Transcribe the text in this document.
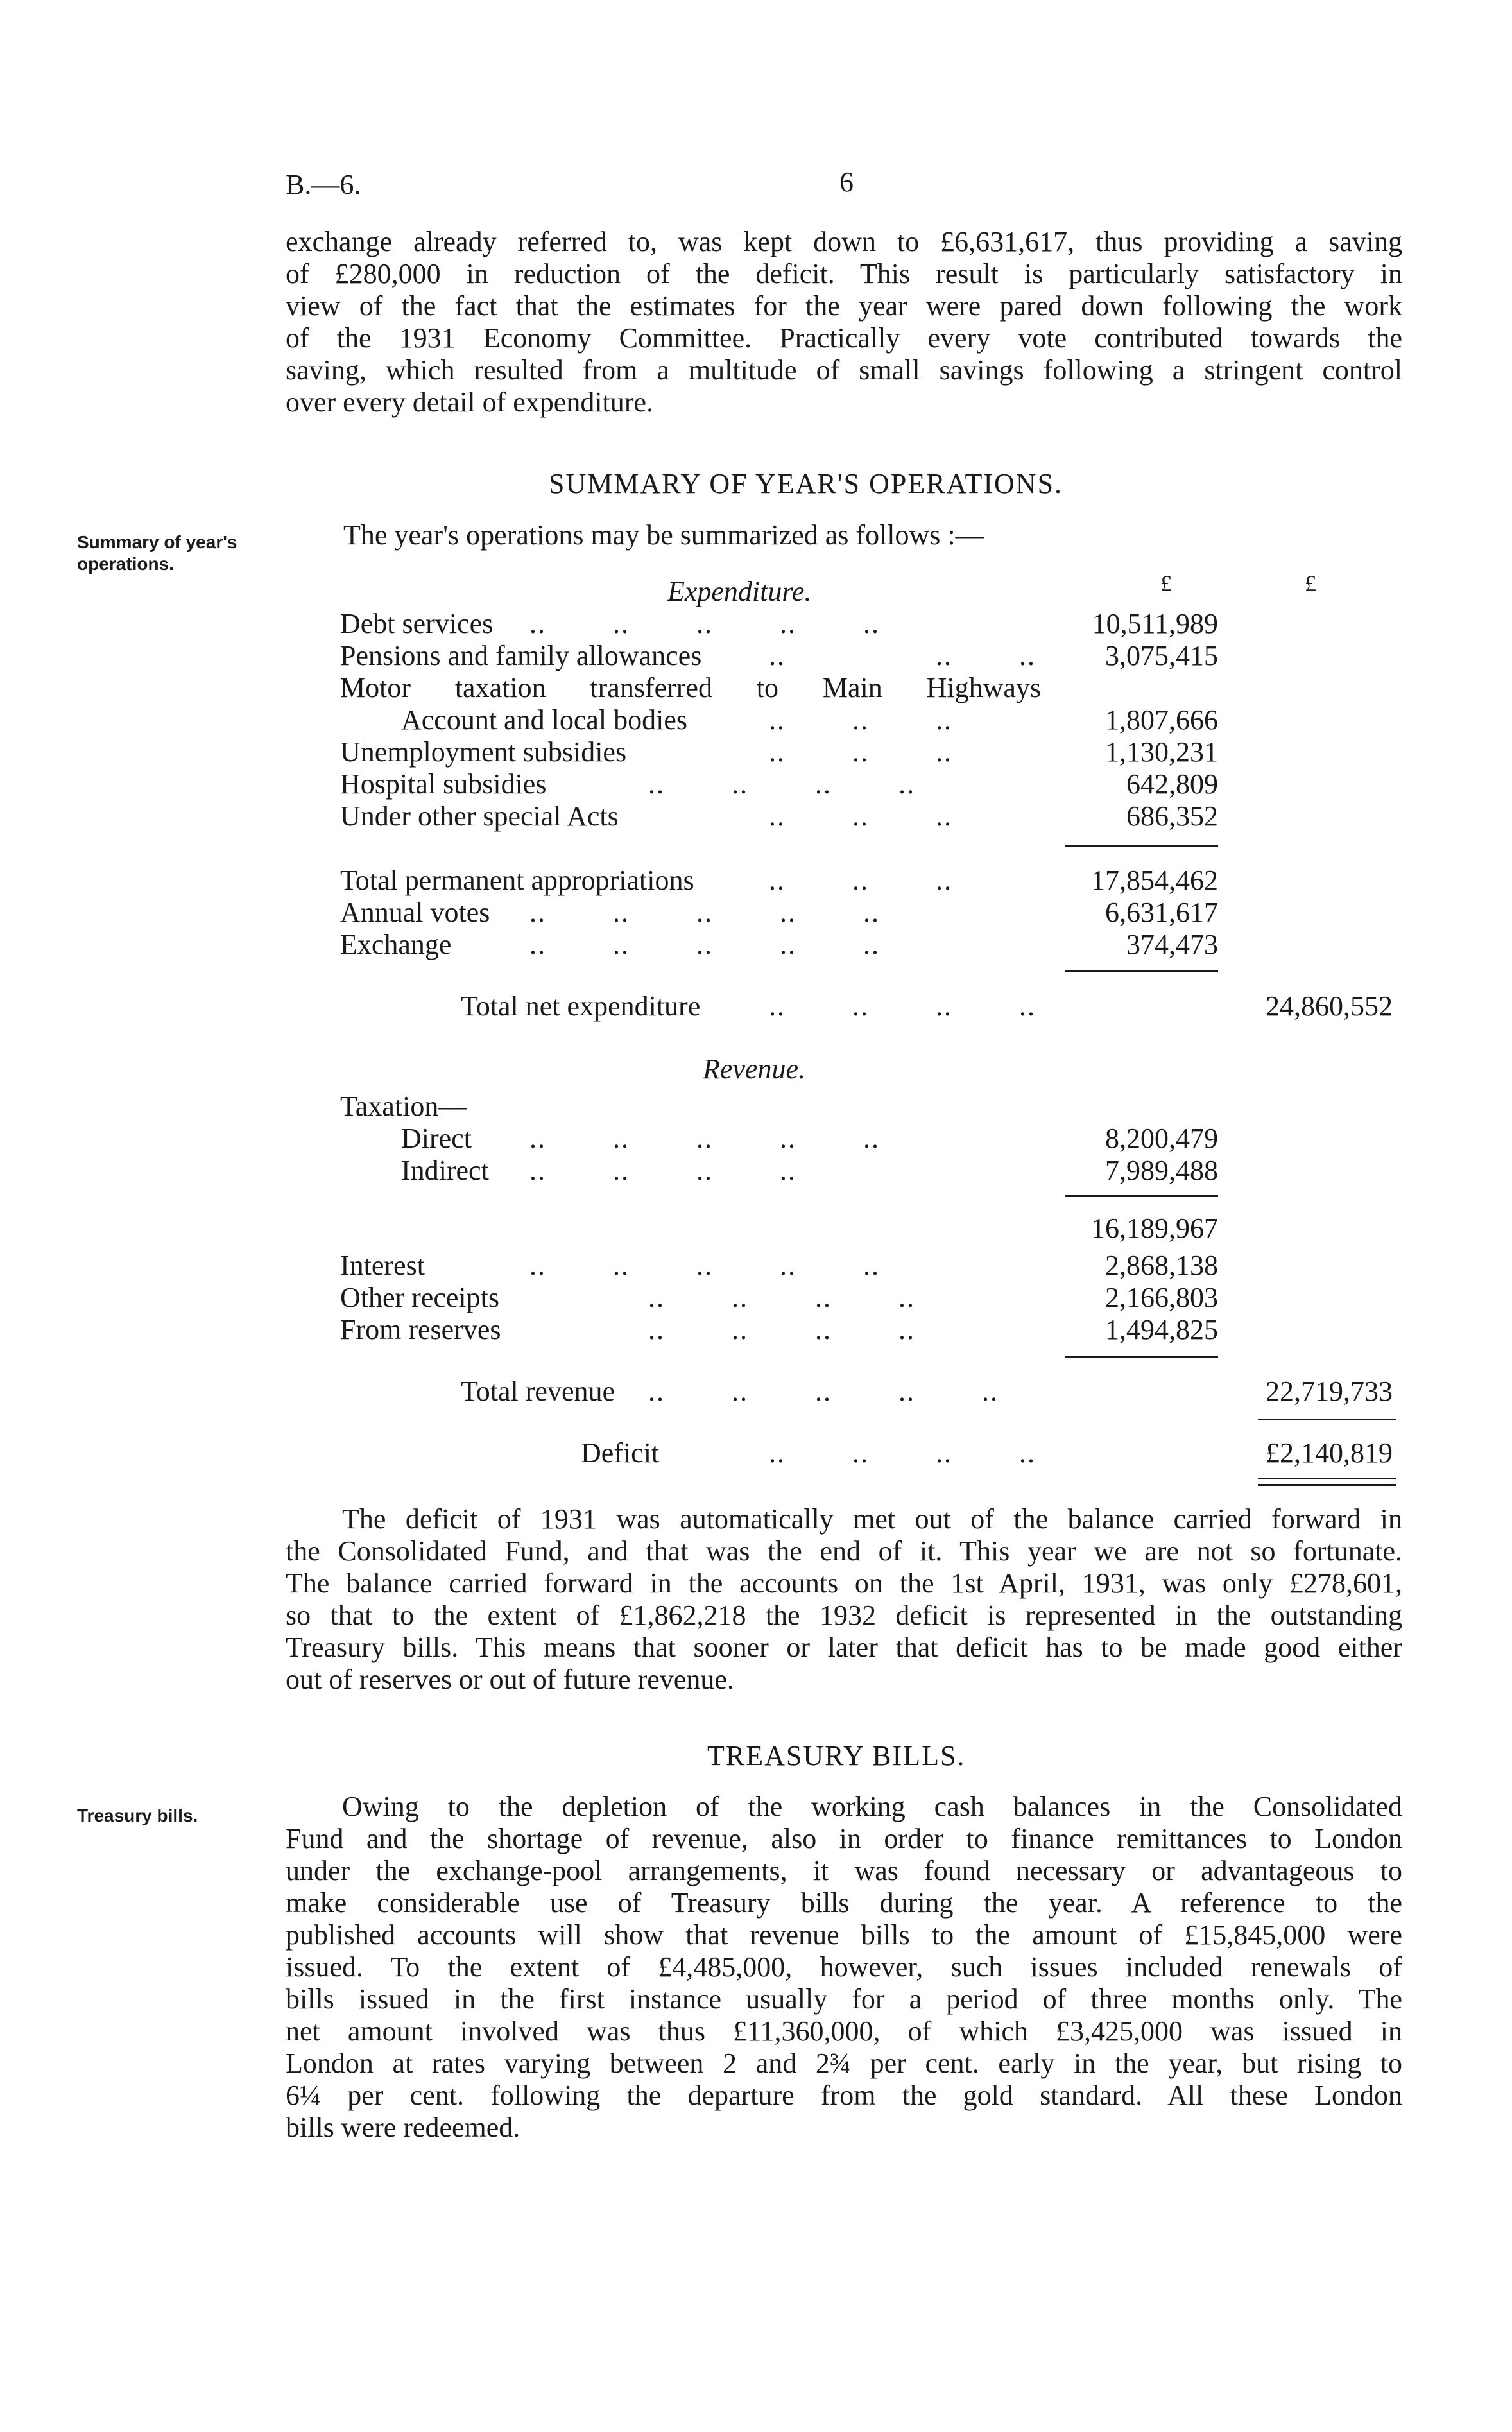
B.—6.	6
exchange already referred to, was kept down to £6,631,617, thus providing a saving
of £280,000 in reduction of the deficit. This result is particularly satisfactory in
view of the fact that the estimates for the year were pared down following the work
of the 1931 Economy Committee. Practically every vote contributed towards the
saving, which resulted from a multitude of small savings following a stringent control
over every detail of expenditure.
SUMMARY OF YEAR'S OPERATIONS.
Summary of year's operations.
The year's operations may be summarized as follows :—
£	£
Expenditure.
Debt services ..        ..        ..        ..        ..	10,511,989
Pensions and family allowances ..                  ..        .. 3,075,415
Motor taxation transferred to Main Highways
Account and local bodies	..        ..        ..	1,807,666
Unemployment subsidies	..        ..        ..	1,130,231
Hospital subsidies	..        ..        ..        ..	642,809
Under other special Acts	..        ..        ..	686,352
Total permanent appropriations	..        ..        ..	17,854,462
Annual votes ..        ..        ..        ..        ..	6,631,617
Exchange	..        ..        ..        ..        ..	374,473
Total net expenditure ..        ..        ..        ..	24,860,552
Revenue.
Taxation—
Direct ..        ..        ..        ..        ..	8,200,479
Indirect ..        ..        ..        ..	7,989,488
16,189,967
Interest	..        ..        ..        ..        ..	2,868,138
Other receipts	..        ..        ..        ..	2,166,803
From reserves	..        ..        ..        ..	1,494,825
Total revenue ..        ..        ..        ..        ..	22,719,733
Deficit	..        ..        ..        ..	£2,140,819
The deficit of 1931 was automatically met out of the balance carried forward in
the Consolidated Fund, and that was the end of it. This year we are not so fortunate.
The balance carried forward in the accounts on the 1st April, 1931, was only £278,601,
so that to the extent of £1,862,218 the 1932 deficit is represented in the outstanding
Treasury bills. This means that sooner or later that deficit has to be made good either
out of reserves or out of future revenue.
TREASURY BILLS.
Treasury bills.	Owing to the depletion of the working cash balances in the Consolidated
Fund and the shortage of revenue, also in order to finance remittances to London
under the exchange-pool arrangements, it was found necessary or advantageous to
make considerable use of Treasury bills during the year. A reference to the
published accounts will show that revenue bills to the amount of £15,845,000 were
issued. To the extent of £4,485,000, however, such issues included renewals of
bills issued in the first instance usually for a period of three months only. The
net amount involved was thus £11,360,000, of which £3,425,000 was issued in
London at rates varying between 2 and 2¾ per cent. early in the year, but rising to
6¼ per cent. following the departure from the gold standard. All these London
bills were redeemed.
